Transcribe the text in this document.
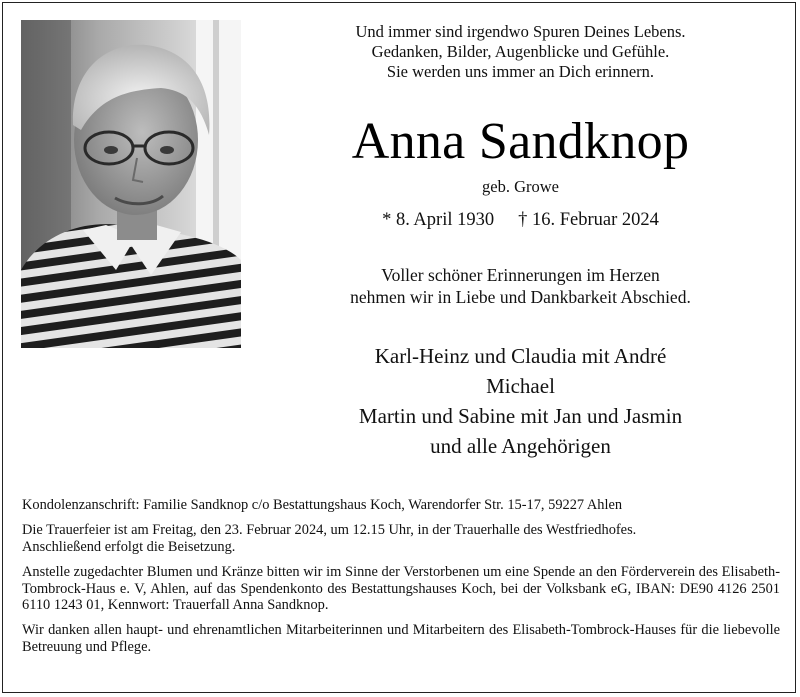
Und immer sind irgendwo Spuren Deines Lebens.
Gedanken, Bilder, Augenblicke und Gefühle.
Sie werden uns immer an Dich erinnern.
Anna Sandknop
geb. Growe
* 8. April 1930 † 16. Februar 2024
Voller schöner Erinnerungen im Herzen
nehmen wir in Liebe und Dankbarkeit Abschied.
Karl-Heinz und Claudia mit André
Michael
Martin und Sabine mit Jan und Jasmin
und alle Angehörigen

Kondolenzanschrift: Familie Sandknop c/o Bestattungshaus Koch, Warendorfer Str. 15-17, 59227 Ahlen

Die Trauerfeier ist am Freitag, den 23. Februar 2024, um 12.15 Uhr, in der Trauerhalle des Westfriedhofes.
Anschließend erfolgt die Beisetzung.

Anstelle zugedachter Blumen und Kränze bitten wir im Sinne der Verstorbenen um eine Spende an den Förderverein des Elisabeth-Tombrock-Haus e. V, Ahlen, auf das Spendenkonto des Bestattungshauses Koch, bei der Volksbank eG, IBAN: DE90 4126 2501 6110 1243 01, Kennwort: Trauerfall Anna Sandknop.

Wir danken allen haupt- und ehrenamtlichen Mitarbeiterinnen und Mitarbeitern des Elisabeth-Tombrock-Hauses für die liebevolle Betreuung und Pflege.
